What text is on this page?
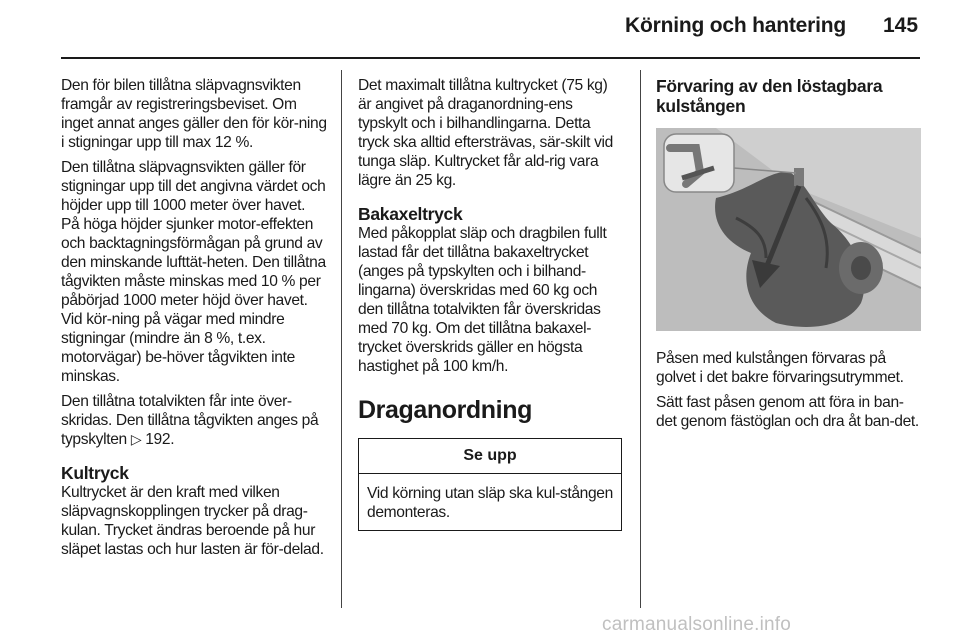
Körning och hantering 145

Den för bilen tillåtna släpvagnsvikten framgår av registreringsbeviset. Om inget annat anges gäller den för kör-ning i stigningar upp till max 12 %.

Den tillåtna släpvagnsvikten gäller för stigningar upp till det angivna värdet och höjder upp till 1000 meter över havet. På höga höjder sjunker motor-effekten och backtagningsförmågan på grund av den minskande lufttät-heten. Den tillåtna tågvikten måste minskas med 10 % per påbörjad 1000 meter höjd över havet. Vid kör-ning på vägar med mindre stigningar (mindre än 8 %, t.ex. motorvägar) be-höver tågvikten inte minskas.

Den tillåtna totalvikten får inte över-skridas. Den tillåtna tågvikten anges på typskylten ▷ 192.

Kultryck

Kultrycket är den kraft med vilken släpvagnskopplingen trycker på drag-kulan. Trycket ändras beroende på hur släpet lastas och hur lasten är för-delad.

Det maximalt tillåtna kultrycket (75 kg) är angivet på draganordning-ens typskylt och i bilhandlingarna. Detta tryck ska alltid eftersträvas, sär-skilt vid tunga släp. Kultrycket får ald-rig vara lägre än 25 kg.

Bakaxeltryck

Med påkopplat släp och dragbilen fullt lastad får det tillåtna bakaxeltrycket (anges på typskylten och i bilhand-lingarna) överskridas med 60 kg och den tillåtna totalvikten får överskridas med 70 kg. Om det tillåtna bakaxel-trycket överskrids gäller en högsta hastighet på 100 km/h.

Draganordning
Se upp

Vid körning utan släp ska kul-stången demonteras.

Förvaring av den löstagbara kulstången

Påsen med kulstången förvaras på golvet i det bakre förvaringsutrymmet.

Sätt fast påsen genom att föra in ban-det genom fästöglan och dra åt ban-det.

carmanualsonline.info
